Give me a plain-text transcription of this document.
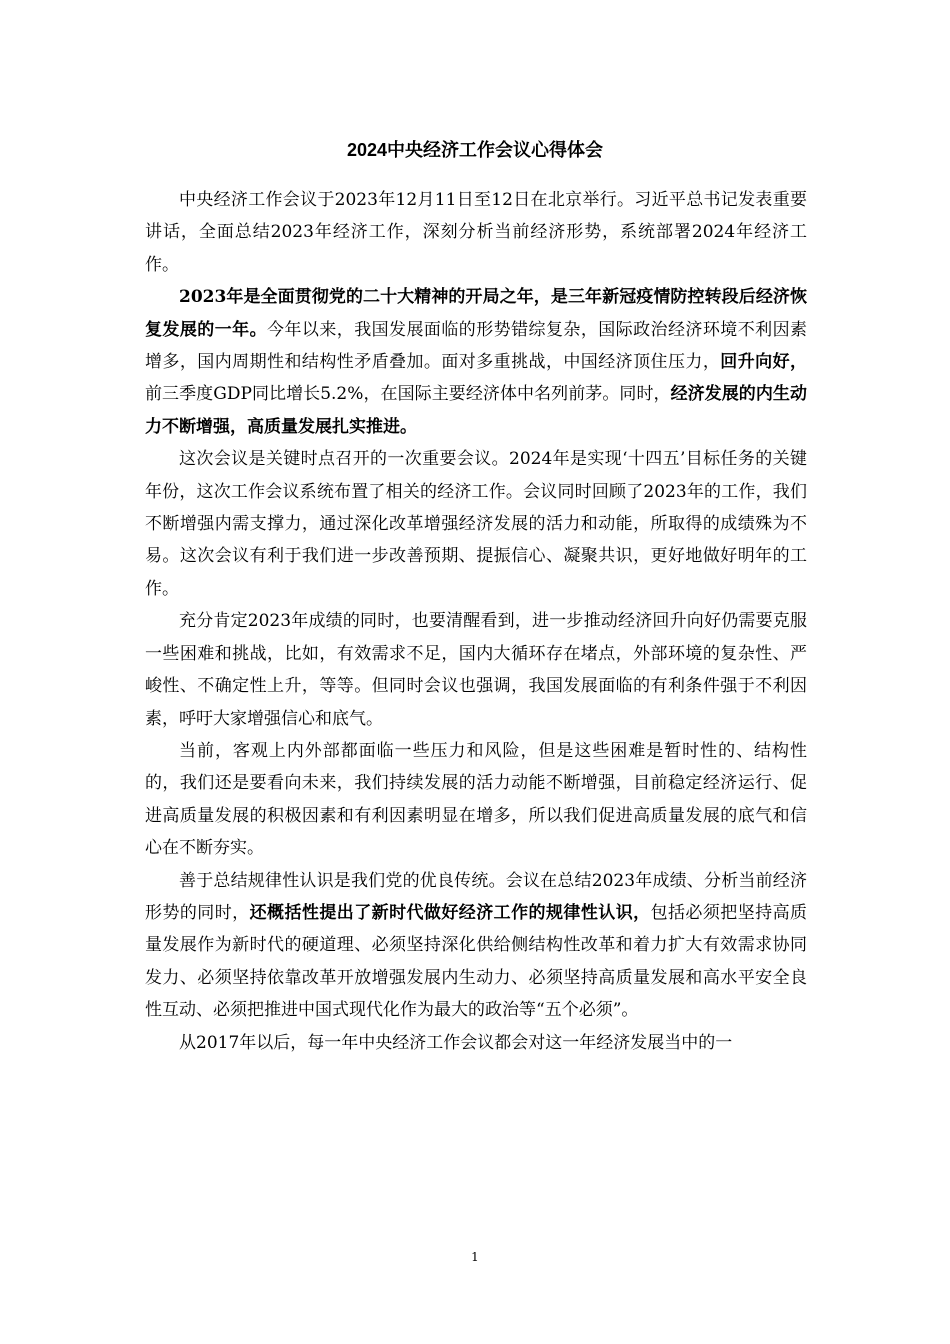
2024中央经济工作会议心得体会

中央经济工作会议于2023年12月11日至12日在北京举行。习近平总书记发表重要讲话，全面总结2023年经济工作，深刻分析当前经济形势，系统部署2024年经济工作。

2023年是全面贯彻党的二十大精神的开局之年，是三年新冠疫情防控转段后经济恢复发展的一年。今年以来，我国发展面临的形势错综复杂，国际政治经济环境不利因素增多，国内周期性和结构性矛盾叠加。面对多重挑战，中国经济顶住压力，回升向好，前三季度GDP同比增长5.2%，在国际主要经济体中名列前茅。同时，经济发展的内生动力不断增强，高质量发展扎实推进。

这次会议是关键时点召开的一次重要会议。2024年是实现‘十四五’目标任务的关键年份，这次工作会议系统布置了相关的经济工作。会议同时回顾了2023年的工作，我们不断增强内需支撑力，通过深化改革增强经济发展的活力和动能，所取得的成绩殊为不易。这次会议有利于我们进一步改善预期、提振信心、凝聚共识，更好地做好明年的工作。

充分肯定2023年成绩的同时，也要清醒看到，进一步推动经济回升向好仍需要克服一些困难和挑战，比如，有效需求不足，国内大循环存在堵点，外部环境的复杂性、严峻性、不确定性上升，等等。但同时会议也强调，我国发展面临的有利条件强于不利因素，呼吁大家增强信心和底气。

当前，客观上内外部都面临一些压力和风险，但是这些困难是暂时性的、结构性的，我们还是要看向未来，我们持续发展的活力动能不断增强，目前稳定经济运行、促进高质量发展的积极因素和有利因素明显在增多，所以我们促进高质量发展的底气和信心在不断夯实。

善于总结规律性认识是我们党的优良传统。会议在总结2023年成绩、分析当前经济形势的同时，还概括性提出了新时代做好经济工作的规律性认识，包括必须把坚持高质量发展作为新时代的硬道理、必须坚持深化供给侧结构性改革和着力扩大有效需求协同发力、必须坚持依靠改革开放增强发展内生动力、必须坚持高质量发展和高水平安全良性互动、必须把推进中国式现代化作为最大的政治等“五个必须”。

从2017年以后，每一年中央经济工作会议都会对这一年经济发展当中的一

1
